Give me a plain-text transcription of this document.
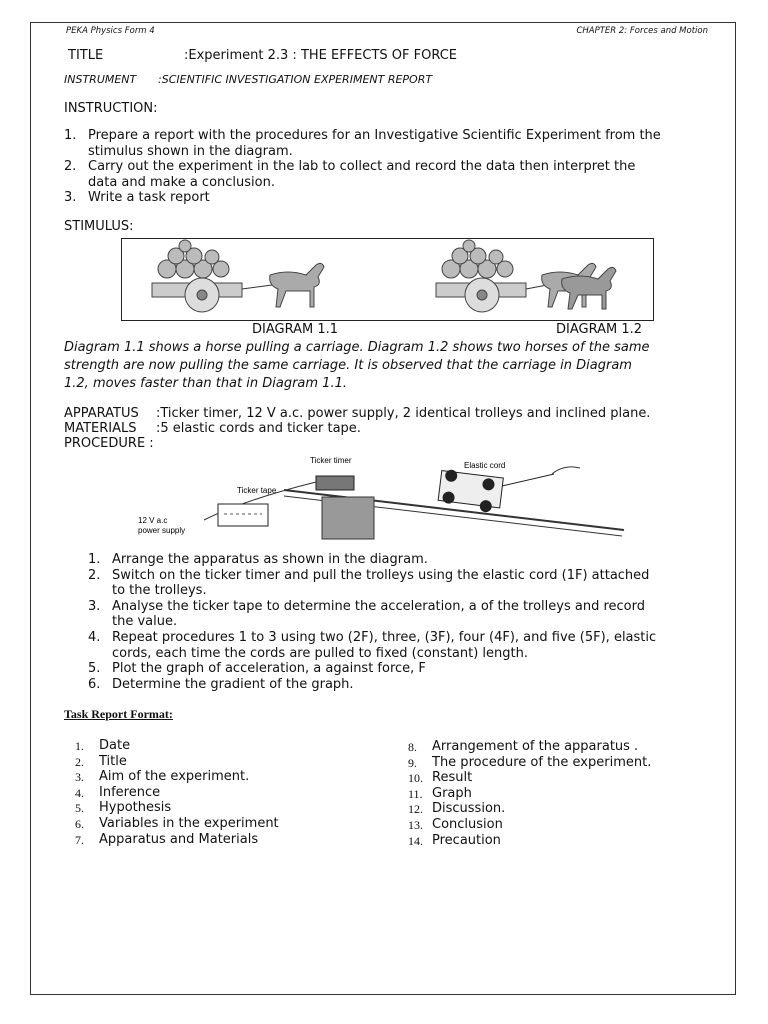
PEKA Physics Form 4	CHAPTER 2: Forces and Motion
TITLE	:Experiment 2.3 : THE EFFECTS OF FORCE
INSTRUMENT :SCIENTIFIC INVESTIGATION EXPERIMENT REPORT
INSTRUCTION:
1. Prepare a report with the procedures for an Investigative Scientific Experiment from the
stimulus shown in the diagram.
2. Carry out the experiment in the lab to collect and record the data then interpret the
data and make a conclusion.
3. Write a task report
STIMULUS:
DIAGRAM 1.1	DIAGRAM 1.2
Diagram 1.1 shows a horse pulling a carriage. Diagram 1.2 shows two horses of the same
strength are now pulling the same carriage. It is observed that the carriage in Diagram
1.2, moves faster than that in Diagram 1.1.
APPARATUS :Ticker timer, 12 V a.c. power supply, 2 identical trolleys and inclined plane.
MATERIALS :5 elastic cords and ticker tape.
PROCEDURE :
Ticker timer
Elastic cord
Ticker tape
12 V a.c
power supply
1. Arrange the apparatus as shown in the diagram.
2. Switch on the ticker timer and pull the trolleys using the elastic cord (1F) attached
to the trolleys.
3. Analyse the ticker tape to determine the acceleration, a of the trolleys and record
the value.
4. Repeat procedures 1 to 3 using two (2F), three, (3F), four (4F), and five (5F), elastic
cords, each time the cords are pulled to fixed (constant) length.
5. Plot the graph of acceleration, a against force, F
6. Determine the gradient of the graph.
Task Report Format:
1. Date
2. Title
3. Aim of the experiment.
4. Inference
5. Hypothesis
6. Variables in the experiment
7. Apparatus and Materials
8. Arrangement of the apparatus .
9. The procedure of the experiment.
10. Result
11. Graph
12. Discussion.
13. Conclusion
14. Precaution
